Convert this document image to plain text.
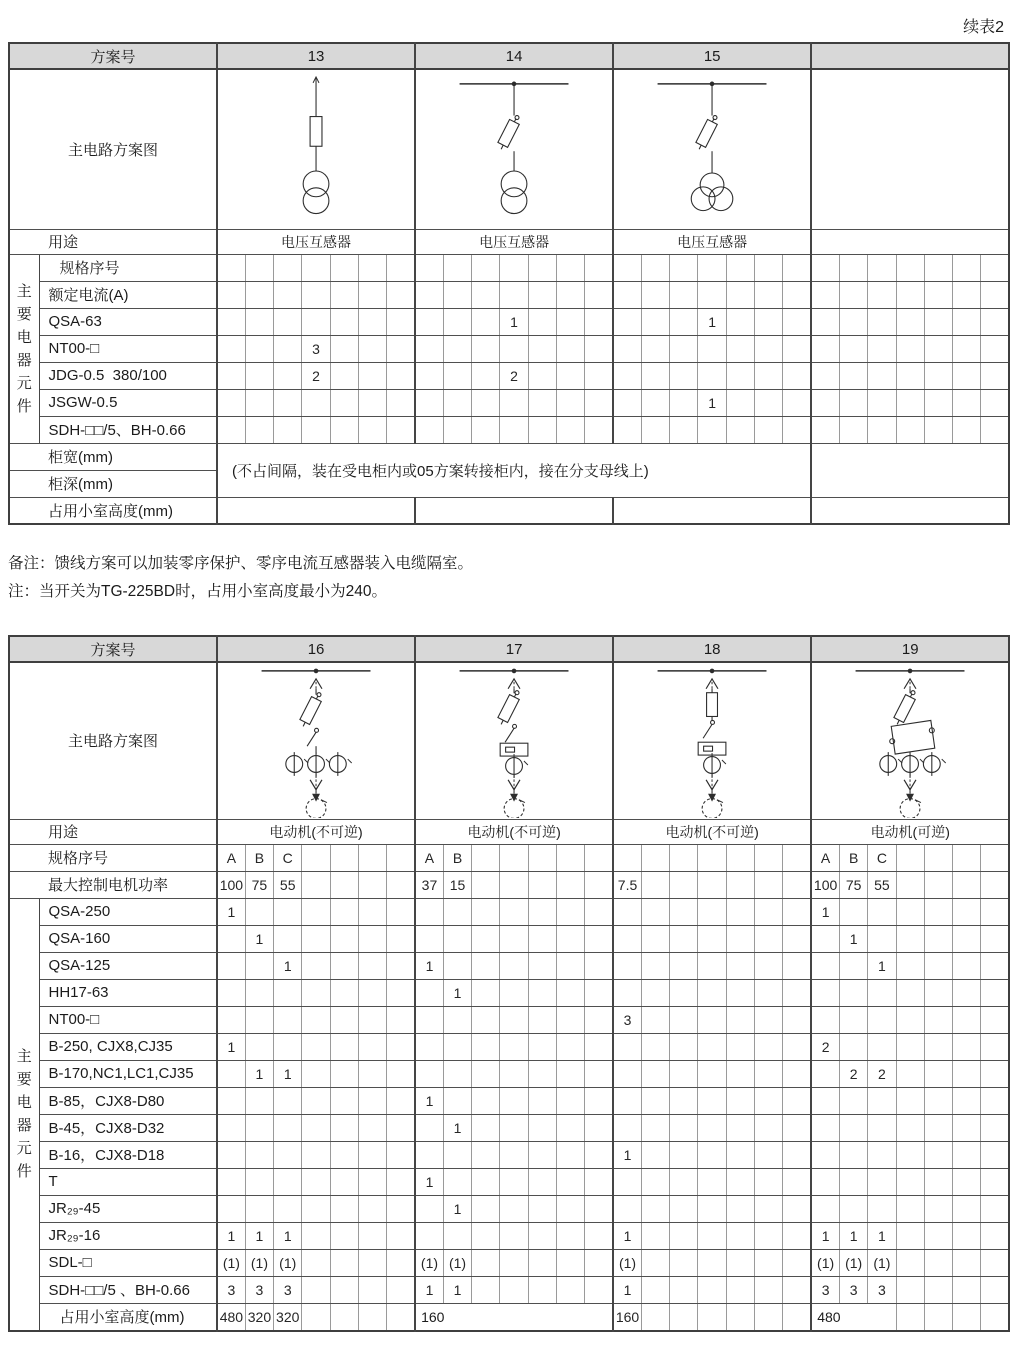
续表2
方案号		13							14							15													
主电路方案图	

用途		电压互感器							电压互感器							电压互感器													

主
要
电
器
元
件
	规格序号																												
	额定电流(A)																												
	QSA-63											1							1										
	NT00-□				3																								
	JDG-0.5  380/100				2							2																	
	JSGW-0.5																		1										
	SDH-□□/5、BH-0.66																												
柜宽(mm)		(不占间隔，装在受电柜内或05方案转接柜内，接在分支母线上)																											
柜深(mm)																													
占用小室高度(mm)																													
备注：馈线方案可以加装零序保护、零序电流互感器装入电缆隔室。
注：当开关为TG-225BD时，占用小室高度最小为240。
方案号		16							17							18							19						
主电路方案图	

用途		电动机(不可逆)							电动机(不可逆)							电动机(不可逆)							电动机(可逆)						
规格序号		A	B	C					A	B													A	B	C				
最大控制电机功率		100	75	55					37	15						7.5							100	75	55				

主
要
电
器
元
件
	QSA-250	1																					1						
	QSA-160		1																					1					
	QSA-125			1					1																1				
	HH17-63									1																			
	NT00-□															3													
	B-250, CJX8,CJ35	1																					2						
	B-170,NC1,LC1,CJ35		1	1																				2	2				
	B-85，CJX8-D80								1																				
	B-45，CJX8-D32									1																			
	B-16，CJX8-D18															1													
	T								1																				
	JR₂₉-45									1																			
	JR₂₉-16	1	1	1												1							1	1	1				
	SDL-□	(1)	(1)	(1)					(1)	(1)						(1)							(1)	(1)	(1)				
	SDH-□□/5 、BH-0.66	3	3	3					1	1						1							3	3	3				
	占用小室高度(mm)	480	320	320					160							160							480						
